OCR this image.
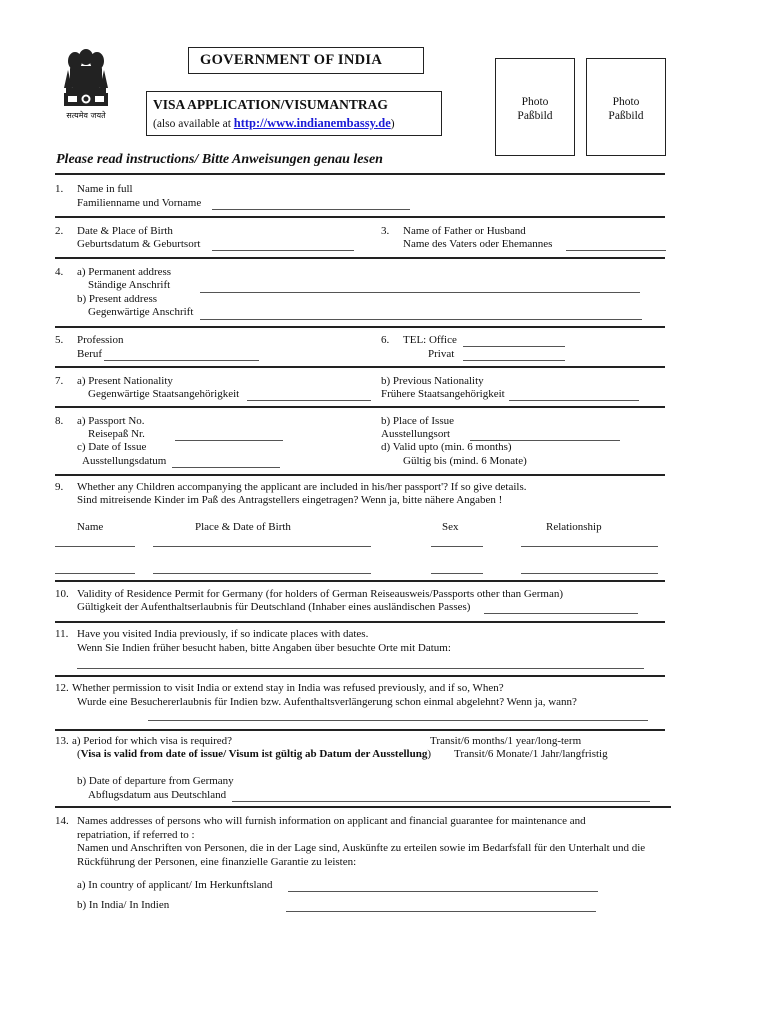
सत्यमेव जयते
GOVERNMENT OF INDIA
VISA APPLICATION/VISUMANTRAG
(also available at http://www.indianembassy.de)
Photo
Paßbild
Photo
Paßbild
Please read instructions/ Bitte Anweisungen genau lesen
1. Name in full
Familienname und Vorname
2. Date & Place of Birth
Geburtsdatum & Geburtsort
3. Name of Father or Husband
Name des Vaters oder Ehemannes
4. a) Permanent address
Ständige Anschrift
b) Present address
Gegenwärtige Anschrift
5. Profession
Beruf
6. TEL: Office
Privat
7. a) Present Nationality
Gegenwärtige Staatsangehörigkeit
b) Previous Nationality
Frühere Staatsangehörigkeit
8. a) Passport No.
Reisepaß Nr.
c) Date of Issue
Ausstellungsdatum
b) Place of Issue
Ausstellungsort
d) Valid upto (min. 6 months)
Gültig bis (mind. 6 Monate)
9. Whether any Children accompanying the applicant are included in his/her passport'? If so give details.
Sind mitreisende Kinder im Paß des Antragstellers eingetragen? Wenn ja, bitte nähere Angaben !
Name	Place & Date of Birth	Sex	Relationship
10. Validity of Residence Permit for Germany (for holders of German Reiseausweis/Passports other than German)
Gültigkeit der Aufenthaltserlaubnis für Deutschland (Inhaber eines ausländischen Passes)
11. Have you visited India previously, if so indicate places with dates.
Wenn Sie Indien früher besucht haben, bitte Angaben über besuchte Orte mit Datum:
12. Whether permission to visit India or extend stay in India was refused previously, and if so, When?
Wurde eine Besuchererlaubnis für Indien bzw. Aufenthaltsverlängerung schon einmal abgelehnt? Wenn ja, wann?
13. a) Period for which visa is required?	Transit/6 months/1 year/long-term
(Visa is valid from date of issue/ Visum ist gültig ab Datum der Ausstellung) Transit/6 Monate/1 Jahr/langfristig
b) Date of departure from Germany
Abflugsdatum aus Deutschland
14. Names addresses of persons who will furnish information on applicant and financial guarantee for maintenance and
repatriation, if referred to :
Namen und Anschriften von Personen, die in der Lage sind, Auskünfte zu erteilen sowie im Bedarfsfall für den Unterhalt und die
Rückführung der Personen, eine finanzielle Garantie zu leisten:
a) In country of applicant/ Im Herkunftsland
b) In India/ In Indien
